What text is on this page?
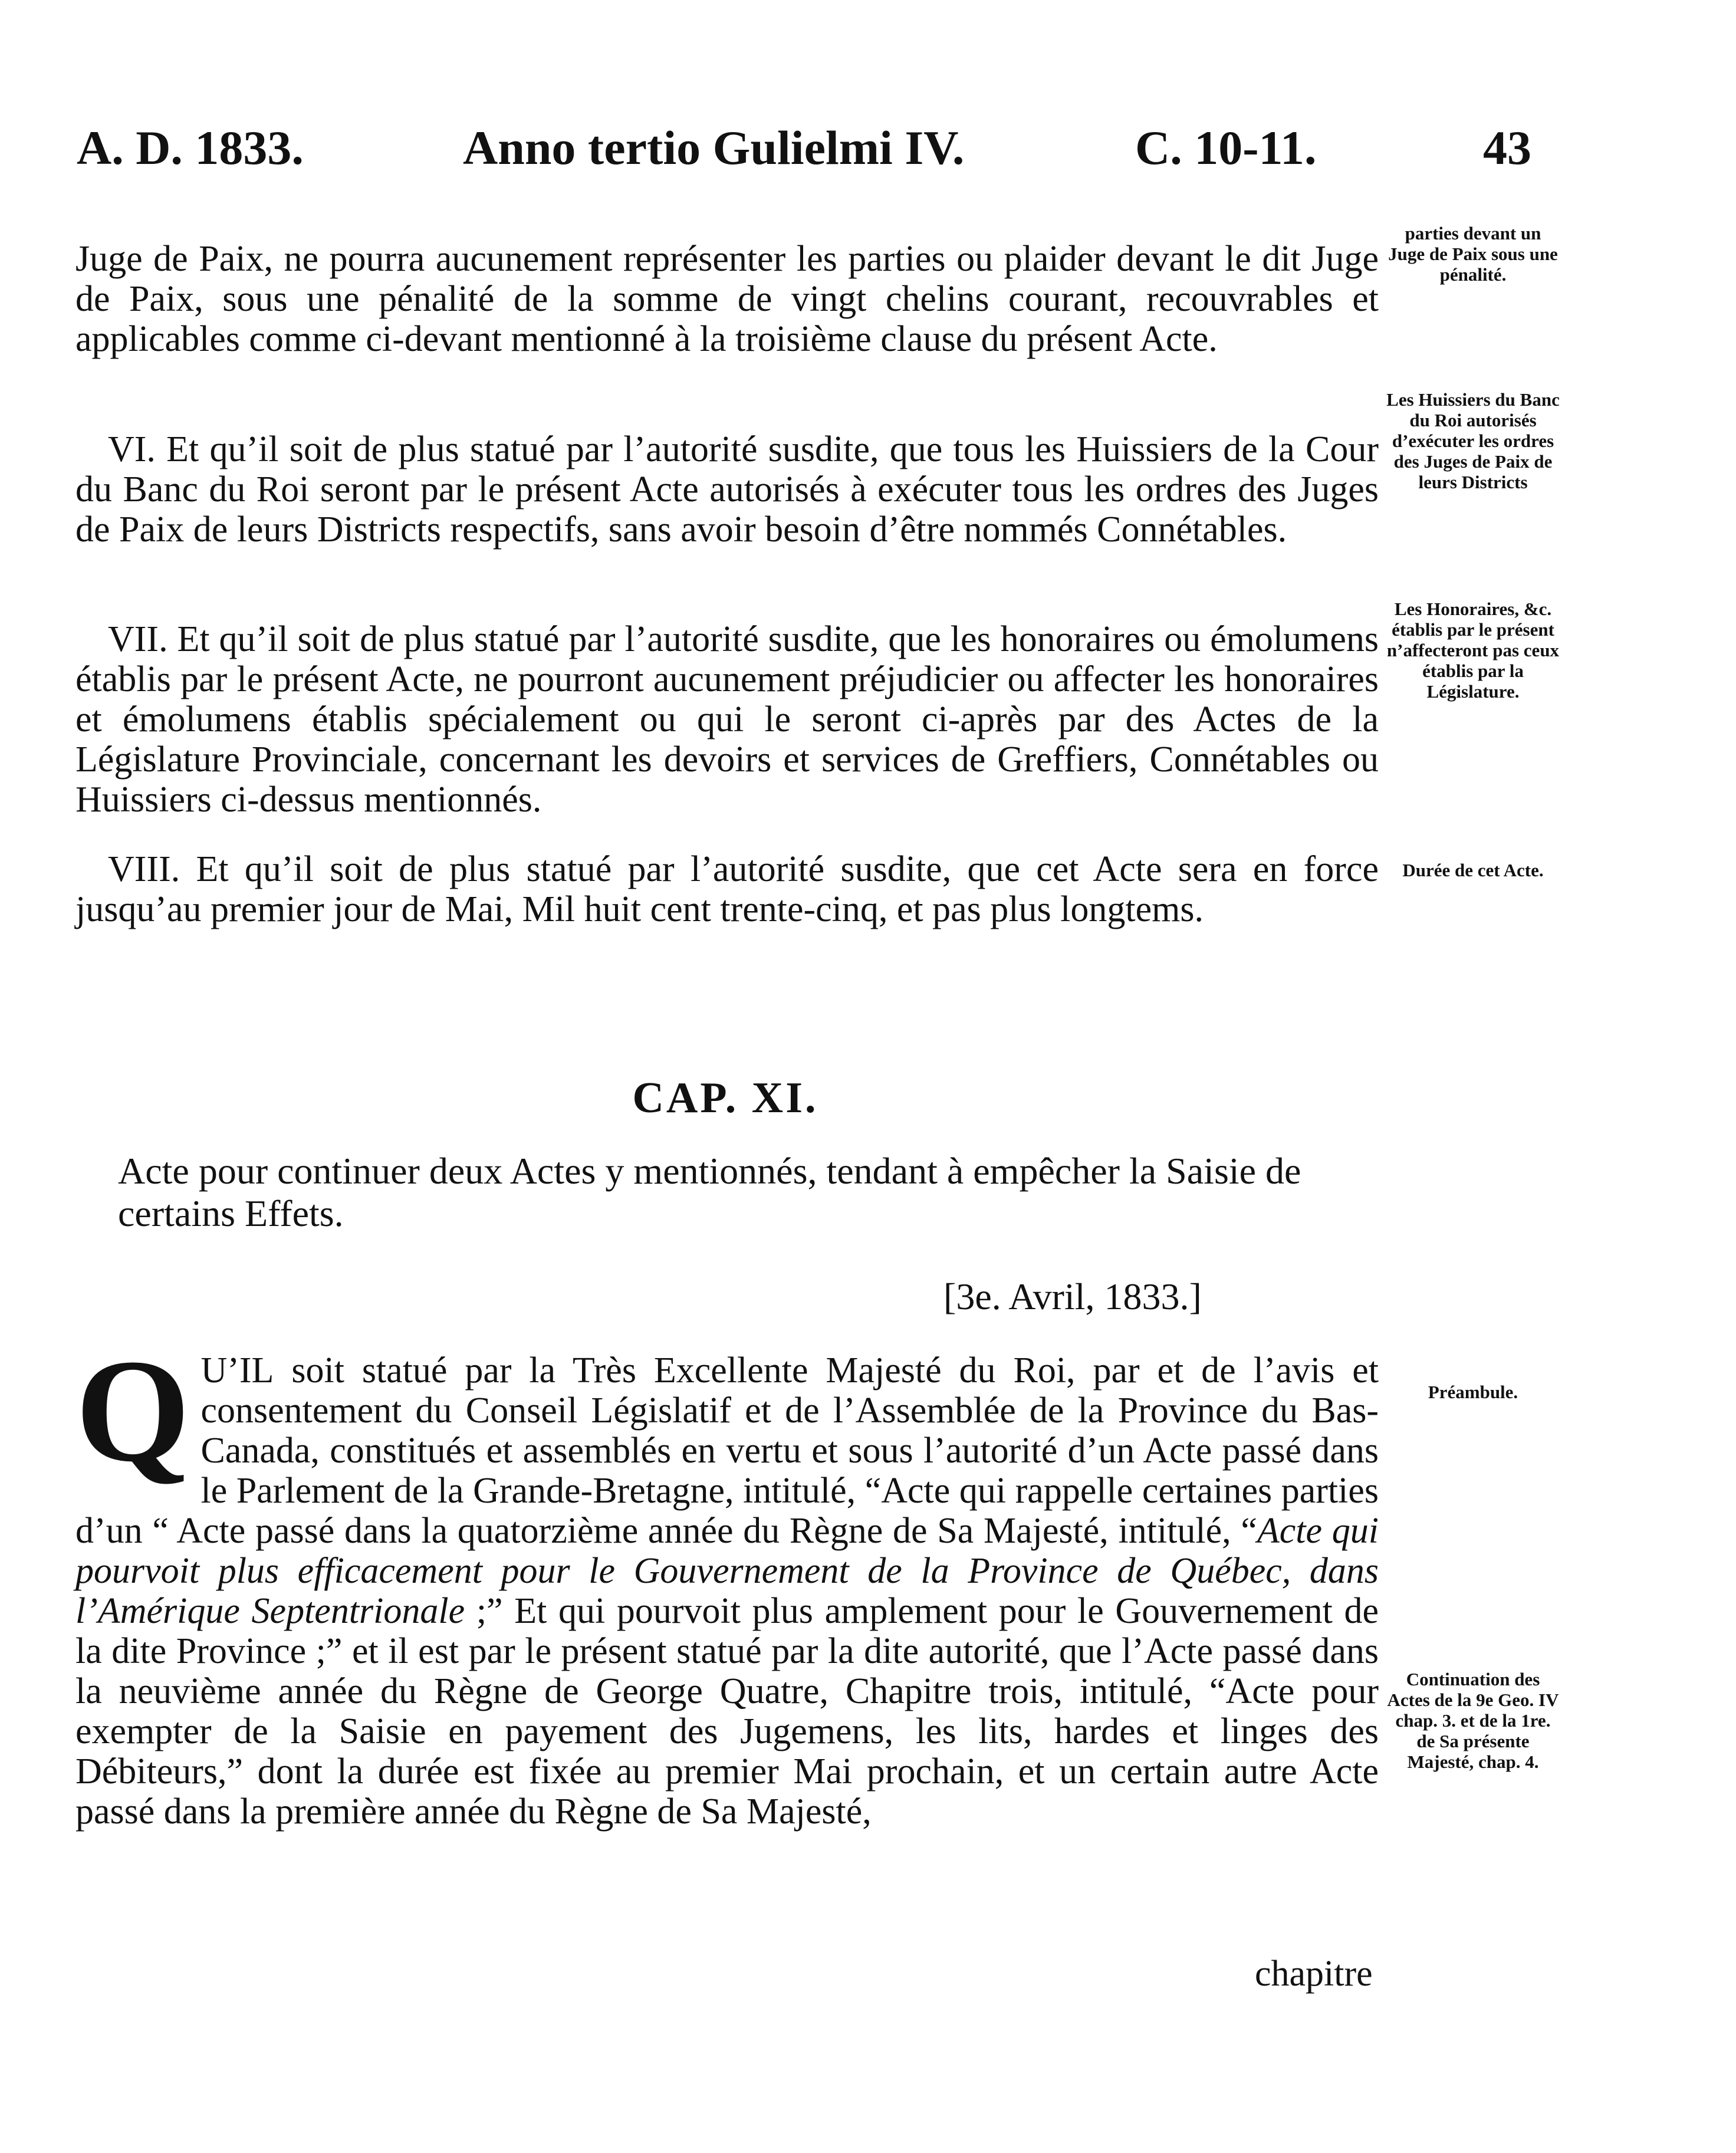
A. D. 1833.	Anno tertio Gulielmi IV.	C. 10-11.	43

Juge de Paix, ne pourra aucunement représenter les parties ou plaider devant le dit Juge de Paix, sous une pénalité de la somme de vingt chelins courant, recouvrables et applicables comme ci-devant mentionné à la troisième clause du présent Acte.

parties devant un Juge de Paix sous une pénalité.

VI. Et qu’il soit de plus statué par l’autorité susdite, que tous les Huissiers de la Cour du Banc du Roi seront par le présent Acte autorisés à exécuter tous les ordres des Juges de Paix de leurs Districts respectifs, sans avoir besoin d’être nommés Connétables.

Les Huissiers du Banc du Roi autorisés d’exécuter les ordres des Juges de Paix de leurs Districts

VII. Et qu’il soit de plus statué par l’autorité susdite, que les honoraires ou émolumens établis par le présent Acte, ne pourront aucunement préjudicier ou affecter les honoraires et émolumens établis spécialement ou qui le seront ci-après par des Actes de la Législature Provinciale, concernant les devoirs et services de Greffiers, Connétables ou Huissiers ci-dessus mentionnés.

Les Honoraires, &c. établis par le présent n’affecteront pas ceux établis par la Législature.

VIII. Et qu’il soit de plus statué par l’autorité susdite, que cet Acte sera en force jusqu’au premier jour de Mai, Mil huit cent trente-cinq, et pas plus longtems.

Durée de cet Acte.
CAP. XI.
Acte pour continuer deux Actes y mentionnés, tendant à empêcher la Saisie de certains Effets.
[3e. Avril, 1833.]

Q U’IL soit statué par la Très Excellente Majesté du Roi, par et de l’avis et consentement du Conseil Législatif et de l’Assemblée de la Province du Bas-Canada, constitués et assemblés en vertu et sous l’autorité d’un Acte passé dans le Parlement de la Grande-Bretagne, intitulé, “Acte qui rappelle certaines parties d’un “ Acte passé dans la quatorzième année du Règne de Sa Majesté, intitulé, “Acte qui pourvoit plus efficacement pour le Gouvernement de la Province de Québec, dans l’Amérique Septentrionale ;” Et qui pourvoit plus amplement pour le Gouvernement de la dite Province ;” et il est par le présent statué par la dite autorité, que l’Acte passé dans la neuvième année du Règne de George Quatre, Chapitre trois, intitulé, “Acte pour exempter de la Saisie en payement des Jugemens, les lits, hardes et linges des Débiteurs,” dont la durée est fixée au premier Mai prochain, et un certain autre Acte passé dans la première année du Règne de Sa Majesté,

Préambule.
Continuation des Actes de la 9e Geo. IV chap. 3. et de la 1re. de Sa présente Majesté, chap. 4.
chapitre
